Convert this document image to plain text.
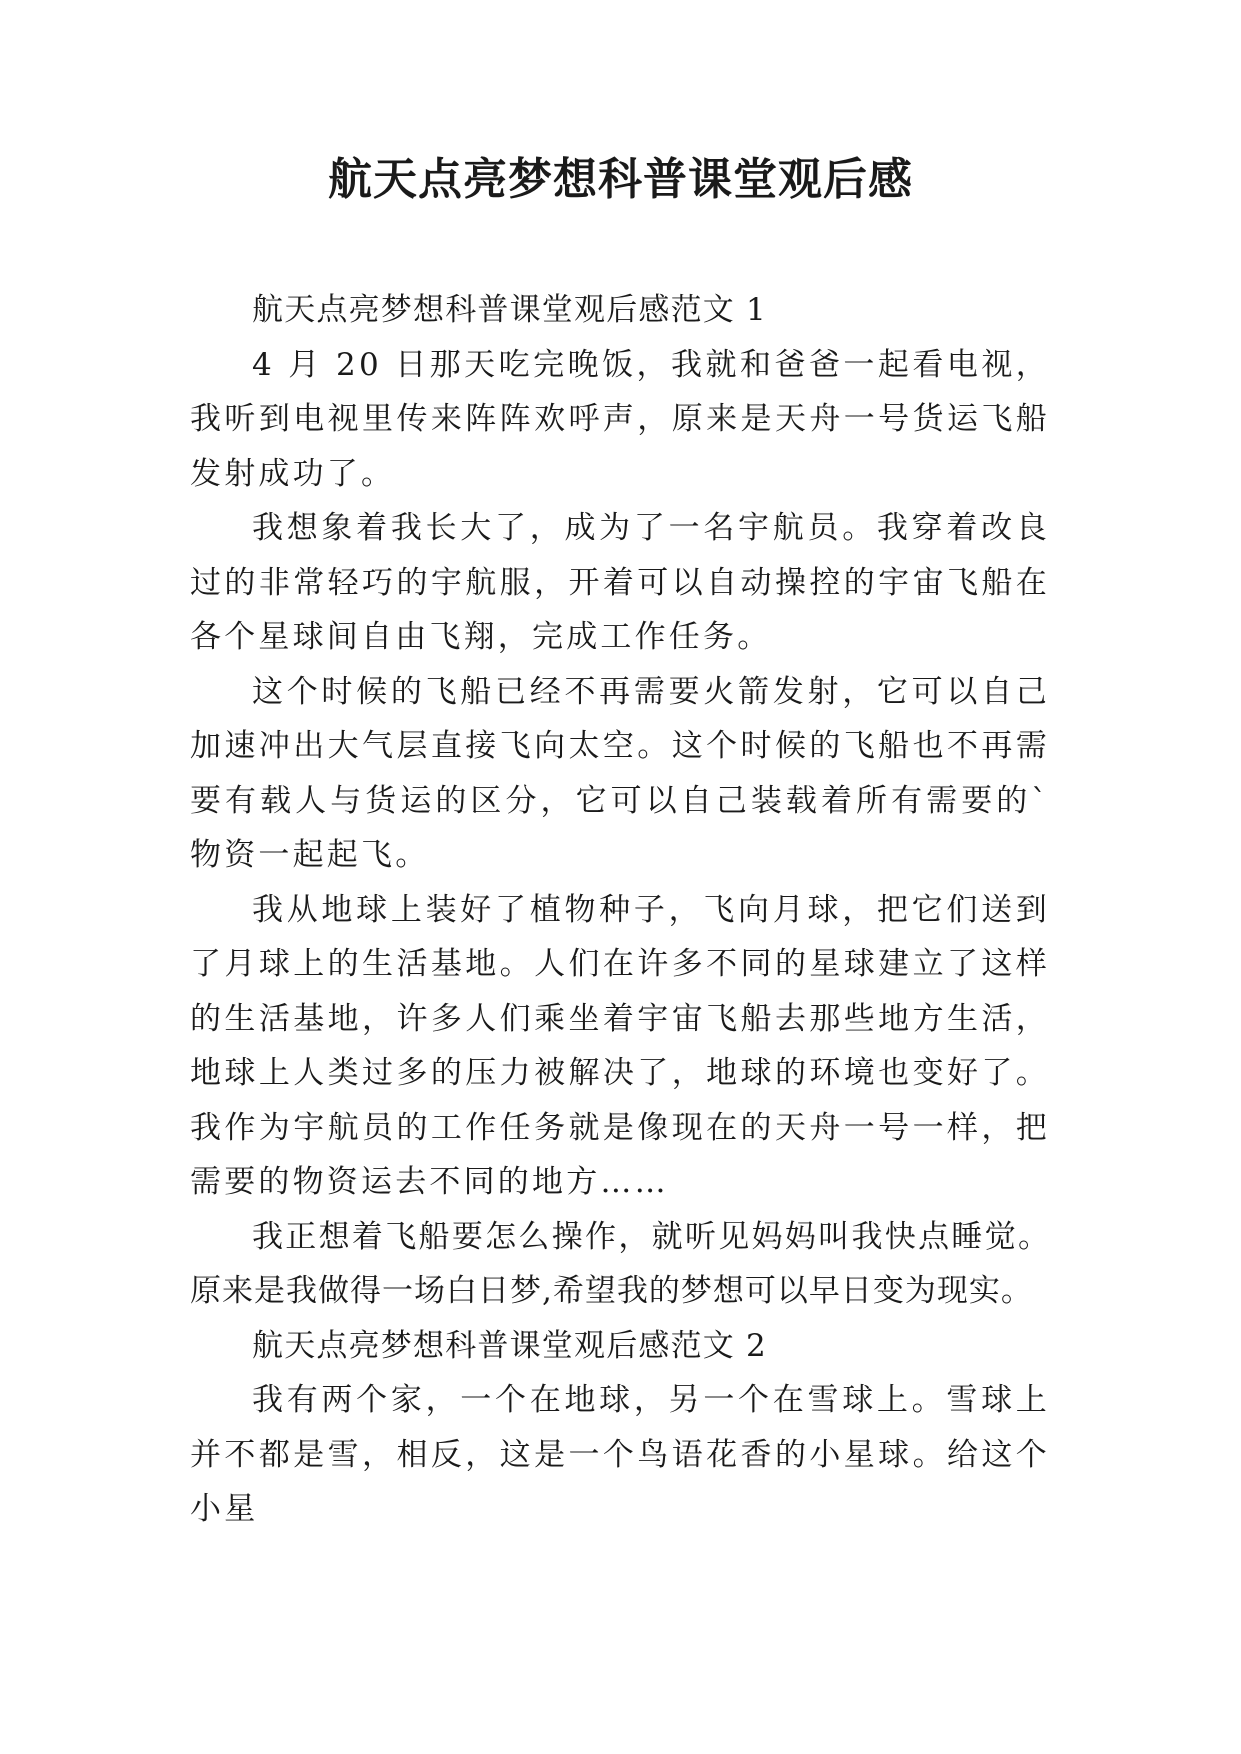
航天点亮梦想科普课堂观后感

航天点亮梦想科普课堂观后感范文 1

4 月 20 日那天吃完晚饭，我就和爸爸一起看电视，我听到电视里传来阵阵欢呼声，原来是天舟一号货运飞船发射成功了。

我想象着我长大了，成为了一名宇航员。我穿着改良过的非常轻巧的宇航服，开着可以自动操控的宇宙飞船在各个星球间自由飞翔，完成工作任务。

这个时候的飞船已经不再需要火箭发射，它可以自己加速冲出大气层直接飞向太空。这个时候的飞船也不再需要有载人与货运的区分，它可以自己装载着所有需要的`物资一起起飞。

我从地球上装好了植物种子，飞向月球，把它们送到了月球上的生活基地。人们在许多不同的星球建立了这样的生活基地，许多人们乘坐着宇宙飞船去那些地方生活，地球上人类过多的压力被解决了，地球的环境也变好了。我作为宇航员的工作任务就是像现在的天舟一号一样，把需要的物资运去不同的地方……

我正想着飞船要怎么操作，就听见妈妈叫我快点睡觉。原来是我做得一场白日梦,希望我的梦想可以早日变为现实。

航天点亮梦想科普课堂观后感范文 2

我有两个家，一个在地球，另一个在雪球上。雪球上并不都是雪，相反，这是一个鸟语花香的小星球。给这个小星
